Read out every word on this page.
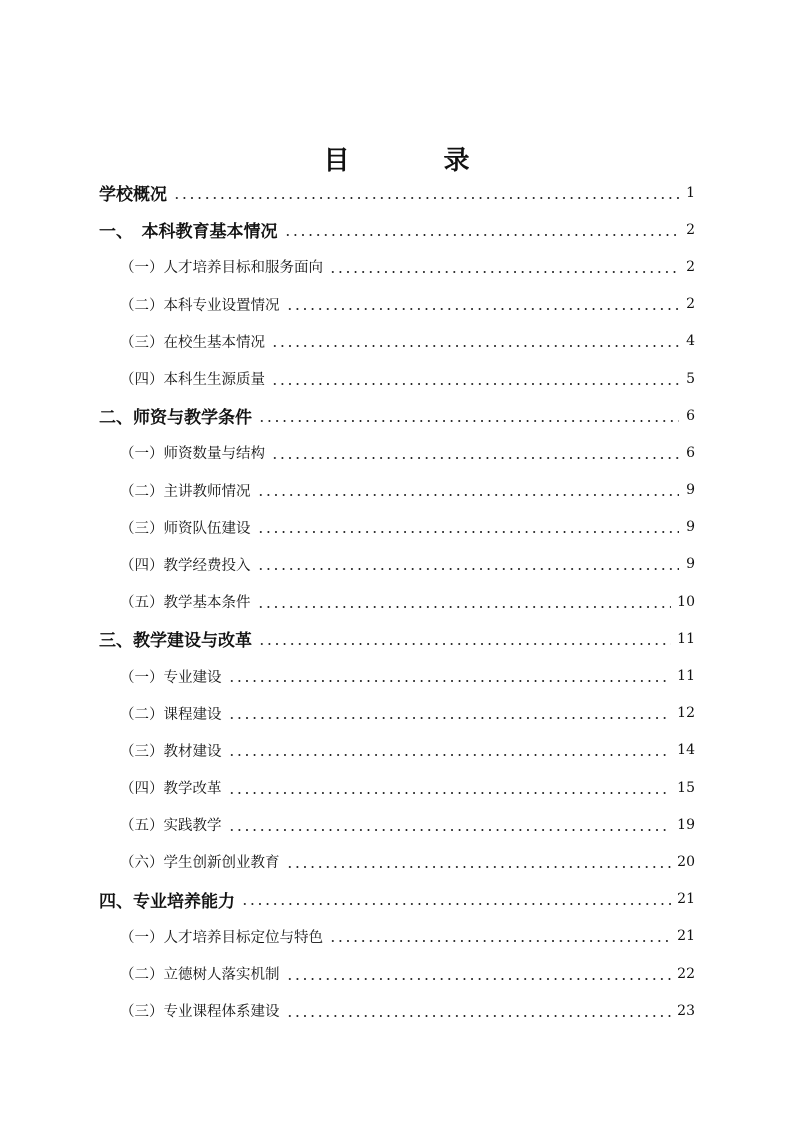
目　录
学校概况	1
一、　本科教育基本情况	2
（一）人才培养目标和服务面向	2
（二）本科专业设置情况	2
（三）在校生基本情况	4
（四）本科生生源质量	5
二、师资与教学条件	6
（一）师资数量与结构	6
（二）主讲教师情况	9
（三）师资队伍建设	9
（四）教学经费投入	9
（五）教学基本条件	10
三、教学建设与改革	11
（一）专业建设	11
（二）课程建设	12
（三）教材建设	14
（四）教学改革	15
（五）实践教学	19
（六）学生创新创业教育	20
四、专业培养能力	21
（一）人才培养目标定位与特色	21
（二）立德树人落实机制	22
（三）专业课程体系建设	23
